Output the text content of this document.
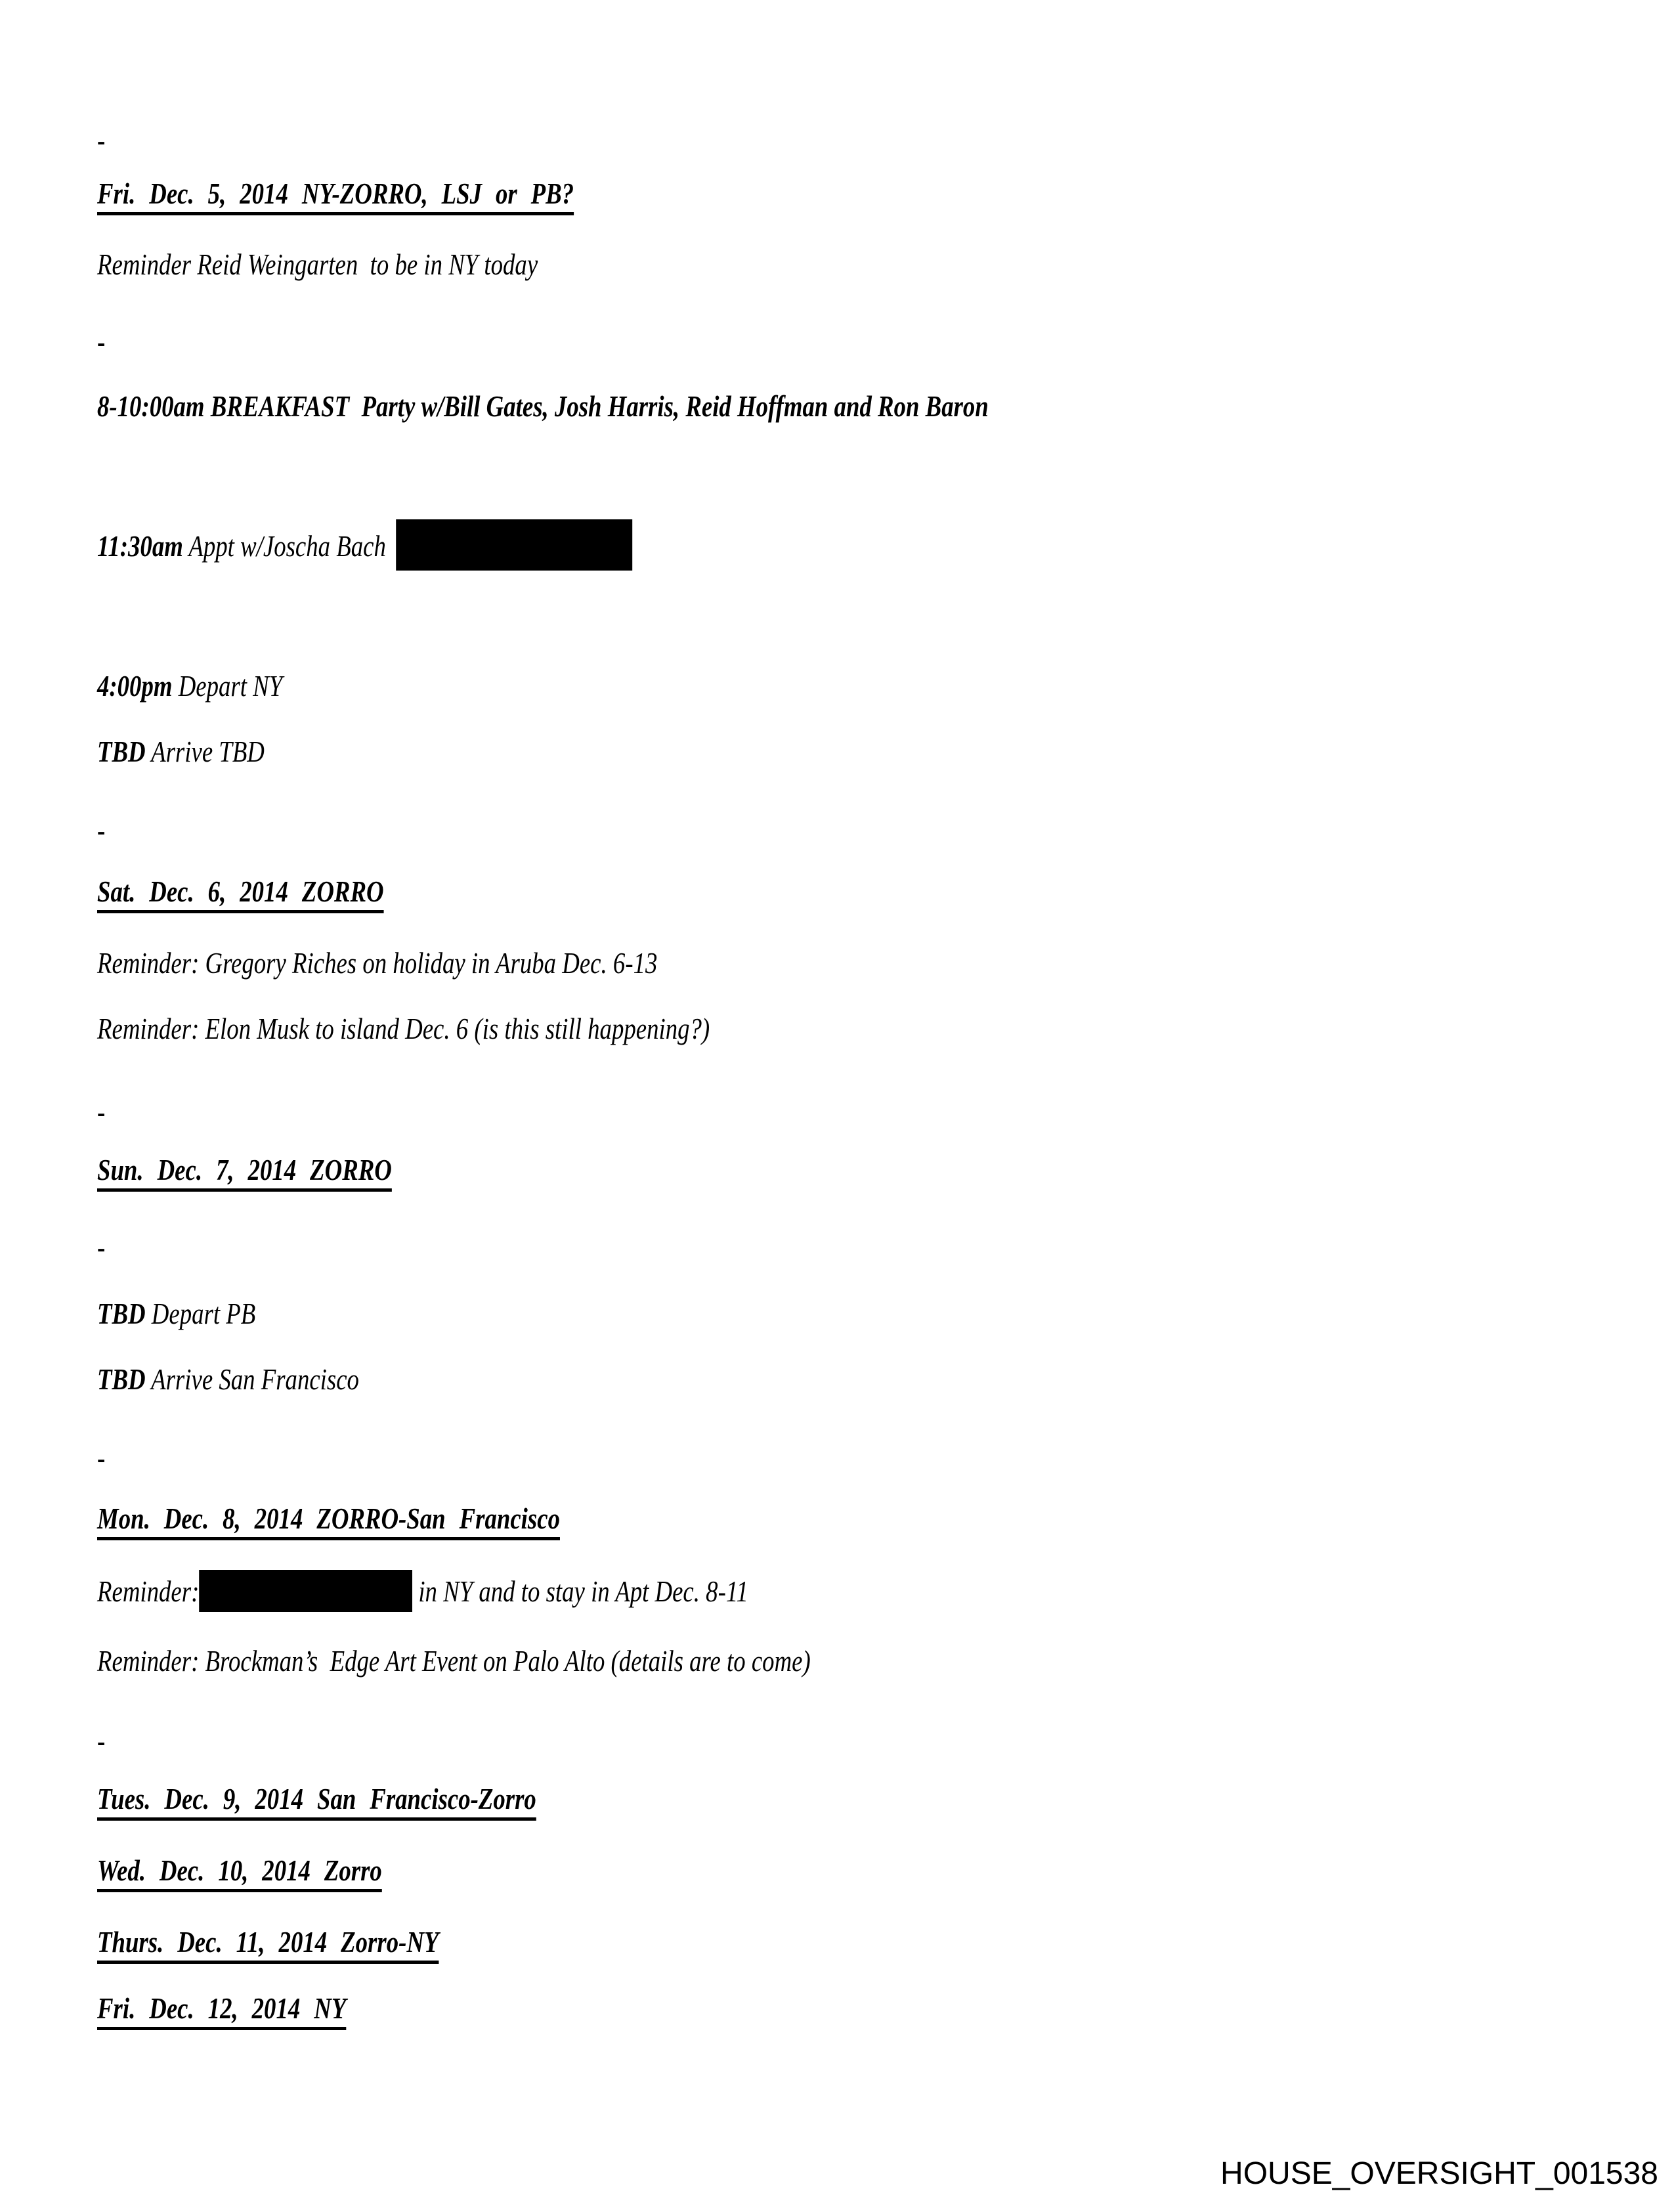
-
Fri. Dec. 5, 2014 NY-ZORRO, LSJ or PB?
Reminder Reid Weingarten  to be in NY today
-
8-10:00am BREAKFAST  Party w/Bill Gates, Josh Harris, Reid Hoffman and Ron Baron
11:30am Appt w/Joscha Bach
4:00pm Depart NY
TBD Arrive TBD
-
Sat. Dec. 6, 2014 ZORRO
Reminder: Gregory Riches on holiday in Aruba Dec. 6-13
Reminder: Elon Musk to island Dec. 6 (is this still happening?)
-
Sun. Dec. 7, 2014 ZORRO
-
TBD Depart PB
TBD Arrive San Francisco
-
Mon. Dec. 8, 2014 ZORRO-San Francisco
Reminder:	in NY and to stay in Apt Dec. 8-11
Reminder: Brockman’s  Edge Art Event on Palo Alto (details are to come)
-
Tues. Dec. 9, 2014 San Francisco-Zorro
Wed. Dec. 10, 2014 Zorro
Thurs. Dec. 11, 2014 Zorro-NY
Fri. Dec. 12, 2014 NY
HOUSE_OVERSIGHT_001538
